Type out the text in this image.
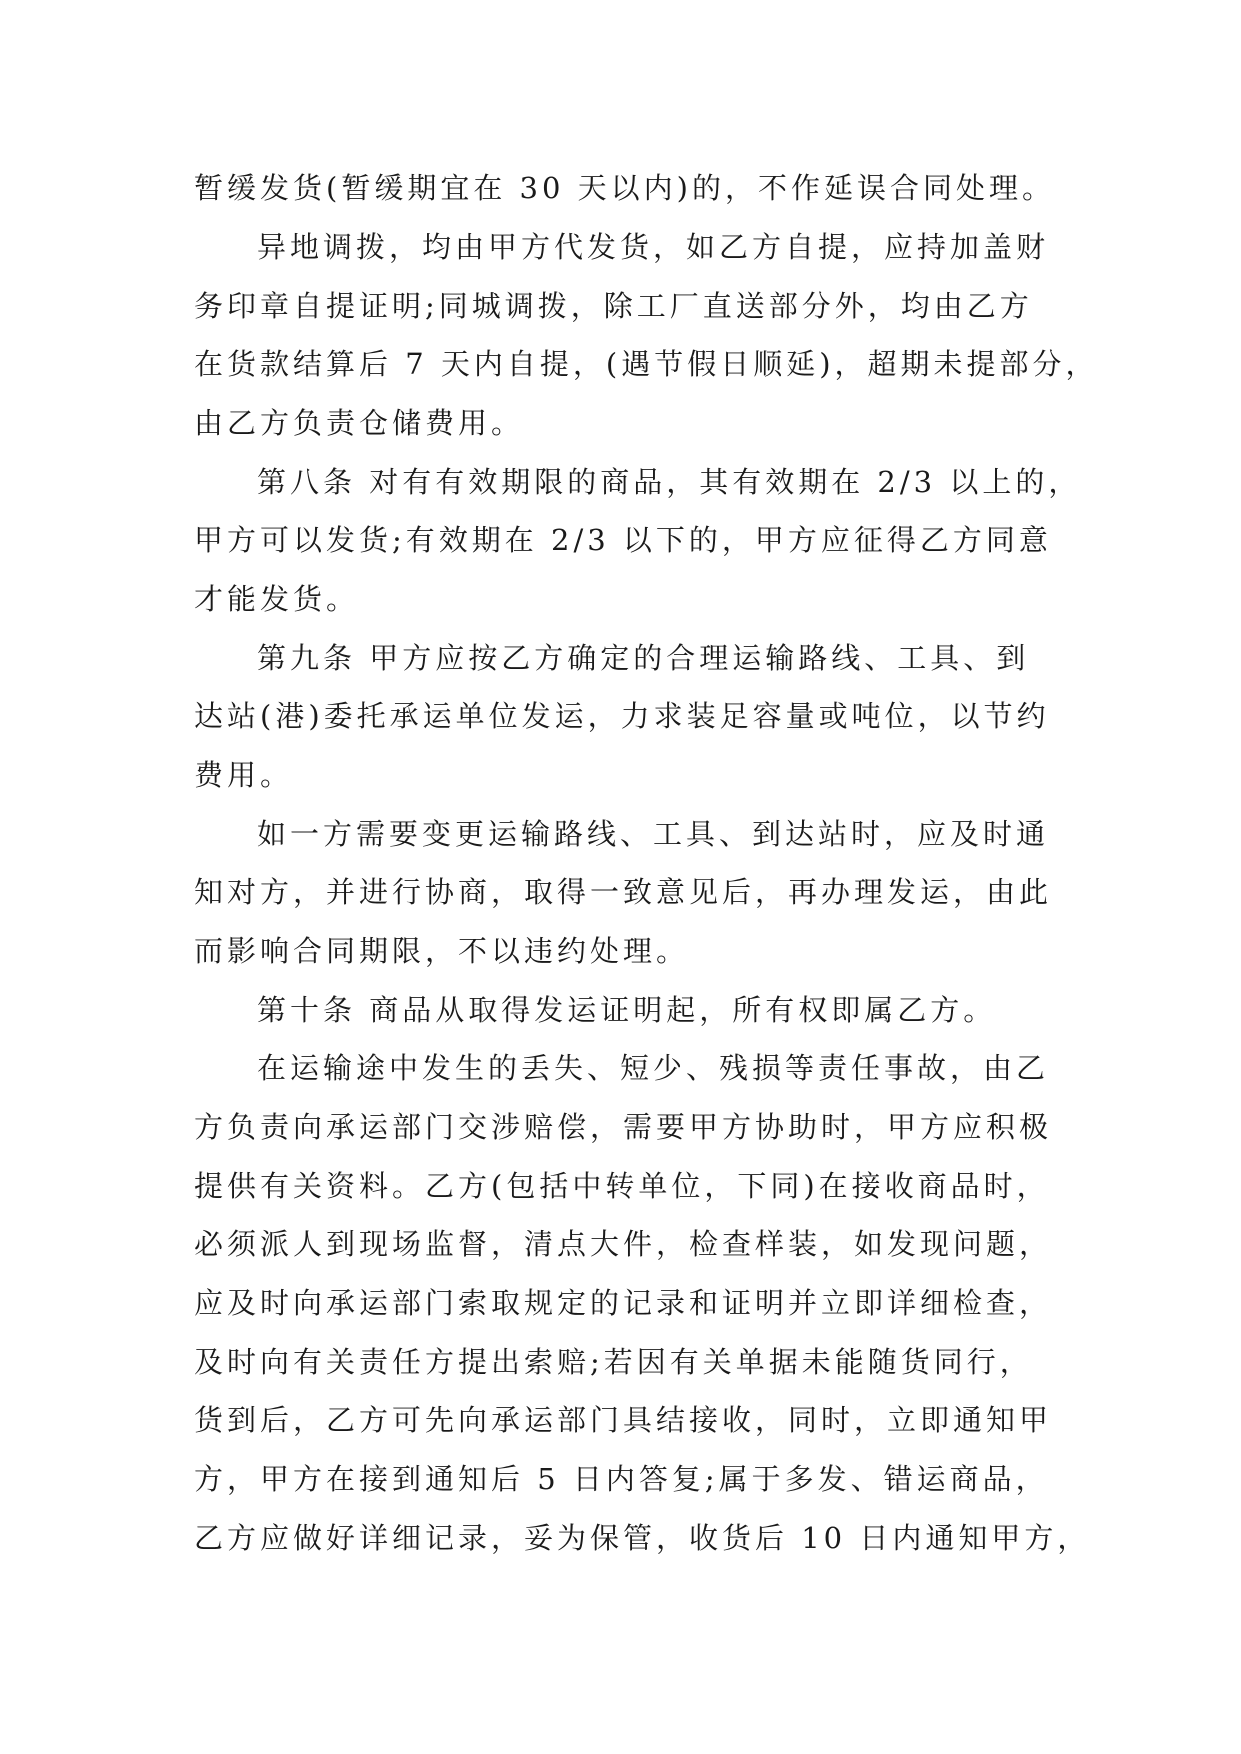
暂缓发货(暂缓期宜在 30 天以内)的，不作延误合同处理。
异地调拨，均由甲方代发货，如乙方自提，应持加盖财
务印章自提证明;同城调拨，除工厂直送部分外，均由乙方
在货款结算后 7 天内自提，(遇节假日顺延)，超期未提部分，
由乙方负责仓储费用。
第八条 对有有效期限的商品，其有效期在 2/3 以上的，
甲方可以发货;有效期在 2/3 以下的，甲方应征得乙方同意
才能发货。
第九条 甲方应按乙方确定的合理运输路线、工具、到
达站(港)委托承运单位发运，力求装足容量或吨位，以节约
费用。
如一方需要变更运输路线、工具、到达站时，应及时通
知对方，并进行协商，取得一致意见后，再办理发运，由此
而影响合同期限，不以违约处理。
第十条 商品从取得发运证明起，所有权即属乙方。
在运输途中发生的丢失、短少、残损等责任事故，由乙
方负责向承运部门交涉赔偿，需要甲方协助时，甲方应积极
提供有关资料。乙方(包括中转单位，下同)在接收商品时，
必须派人到现场监督，清点大件，检查样装，如发现问题，
应及时向承运部门索取规定的记录和证明并立即详细检查，
及时向有关责任方提出索赔;若因有关单据未能随货同行，
货到后，乙方可先向承运部门具结接收，同时，立即通知甲
方，甲方在接到通知后 5 日内答复;属于多发、错运商品，
乙方应做好详细记录，妥为保管，收货后 10 日内通知甲方，
